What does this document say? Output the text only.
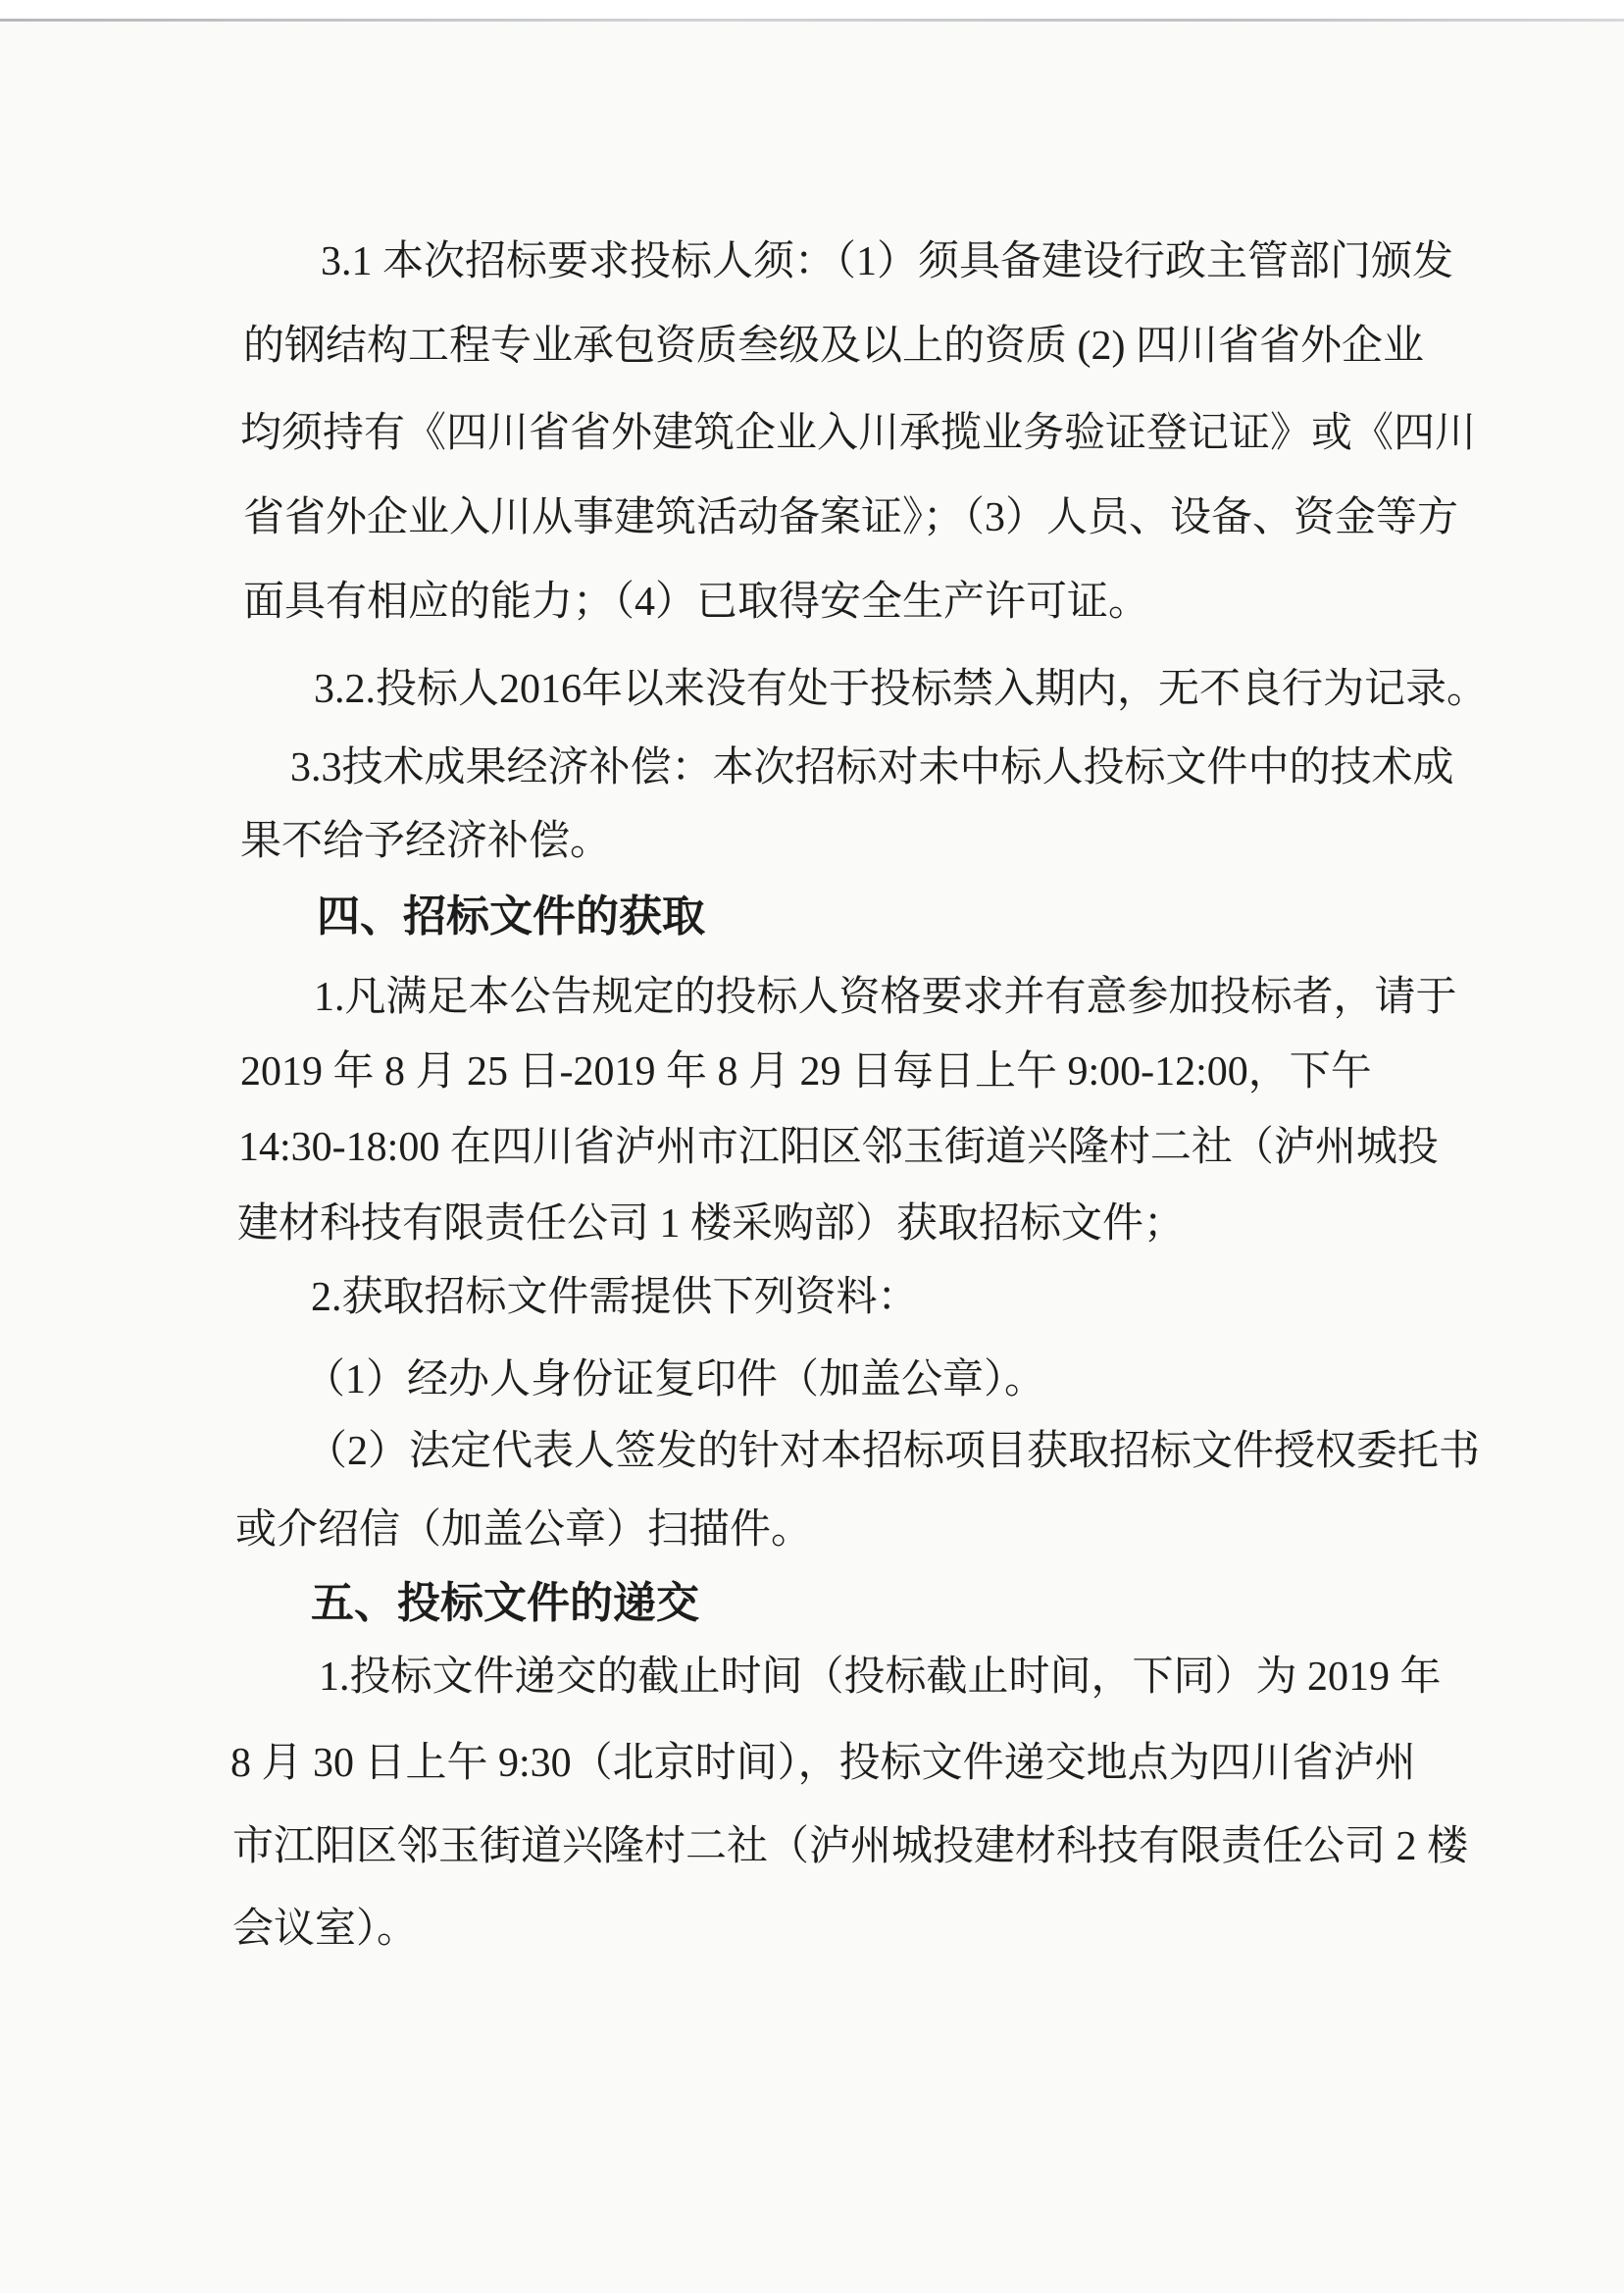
3.1 本次招标要求投标人须：（1）须具备建设行政主管部门颁发
的钢结构工程专业承包资质叁级及以上的资质 (2) 四川省省外企业
均须持有《四川省省外建筑企业入川承揽业务验证登记证》或《四川
省省外企业入川从事建筑活动备案证》；（3）人员、设备、资金等方
面具有相应的能力；（4）已取得安全生产许可证。
3.2.投标人2016年以来没有处于投标禁入期内，无不良行为记录。
3.3技术成果经济补偿：本次招标对未中标人投标文件中的技术成
果不给予经济补偿。
四、招标文件的获取
1.凡满足本公告规定的投标人资格要求并有意参加投标者，请于
2019 年 8 月 25 日-2019 年 8 月 29 日每日上午 9:00-12:00，下午
14:30-18:00 在四川省泸州市江阳区邻玉街道兴隆村二社（泸州城投
建材科技有限责任公司 1 楼采购部）获取招标文件；
2.获取招标文件需提供下列资料：
（1）经办人身份证复印件（加盖公章）。
（2）法定代表人签发的针对本招标项目获取招标文件授权委托书
或介绍信（加盖公章）扫描件。
五、投标文件的递交
1.投标文件递交的截止时间（投标截止时间，下同）为 2019 年
8 月 30 日上午 9:30（北京时间），投标文件递交地点为四川省泸州
市江阳区邻玉街道兴隆村二社（泸州城投建材科技有限责任公司 2 楼
会议室）。
